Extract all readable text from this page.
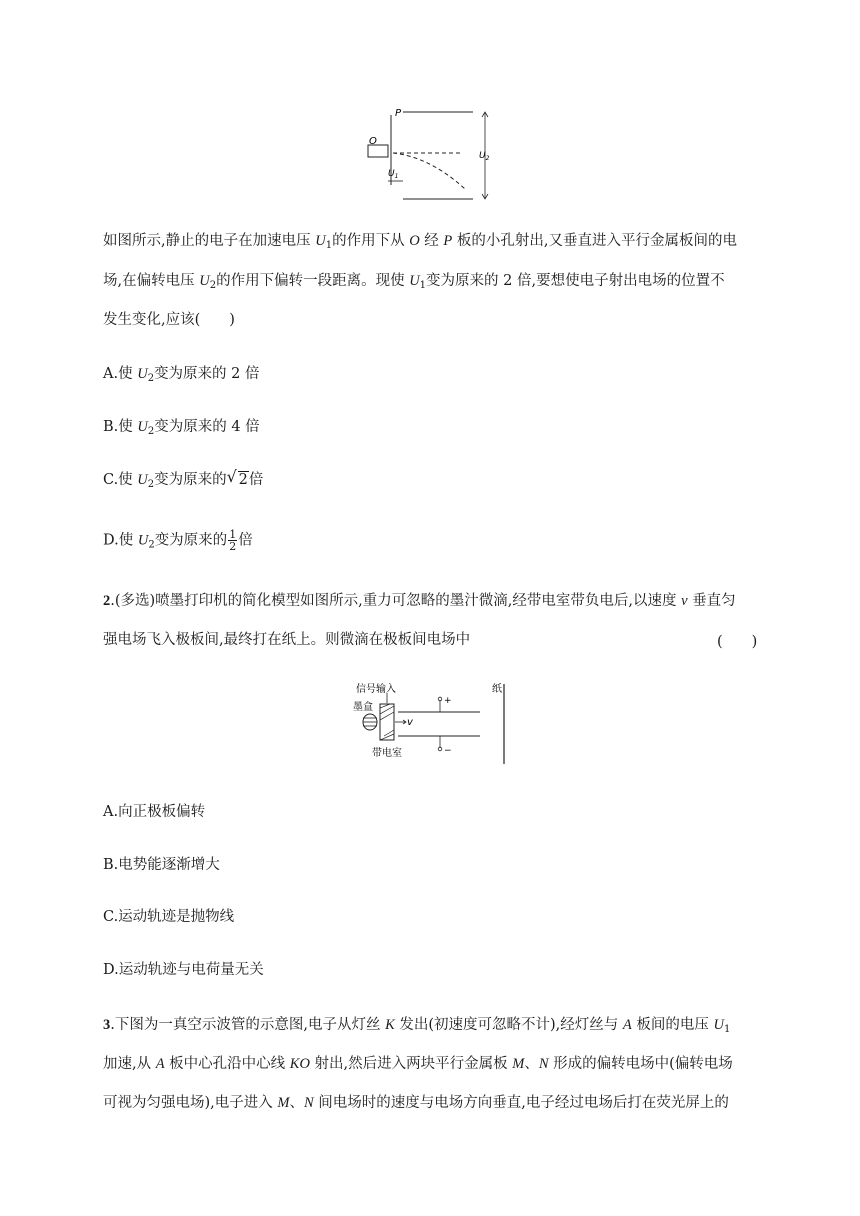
P
O
$U_1$
$U_2$
如图所示,静止的电子在加速电压 $U_1$的作用下从 O 经 P 板的小孔射出,又垂直进入平行金属板间的电
场,在偏转电压 $U_2$的作用下偏转一段距离。现使 $U_1$变为原来的 2 倍,要想使电子射出电场的位置不
发生变化,应该(　　)
A.使 $U_2$变为原来的 2 倍
B.使 $U_2$变为原来的 4 倍
C.使 $U_2$变为原来的 √ 2倍
D.使 $U_2$变为原来的 $\frac{1}{2}$ 倍
2.(多选)喷墨打印机的简化模型如图所示,重力可忽略的墨汁微滴,经带电室带负电后,以速度 v 垂直匀
强电场飞入极板间,最终打在纸上。则微滴在极板间电场中	(　　)
信号输入
墨盒
带电室
纸
+
−
v
A.向正极板偏转
B.电势能逐渐增大
C.运动轨迹是抛物线
D.运动轨迹与电荷量无关
3.下图为一真空示波管的示意图,电子从灯丝 K 发出(初速度可忽略不计),经灯丝与 A 板间的电压 $U_1$
加速,从 A 板中心孔沿中心线 KO 射出,然后进入两块平行金属板 M、N 形成的偏转电场中(偏转电场
可视为匀强电场),电子进入 M、N 间电场时的速度与电场方向垂直,电子经过电场后打在荧光屏上的
